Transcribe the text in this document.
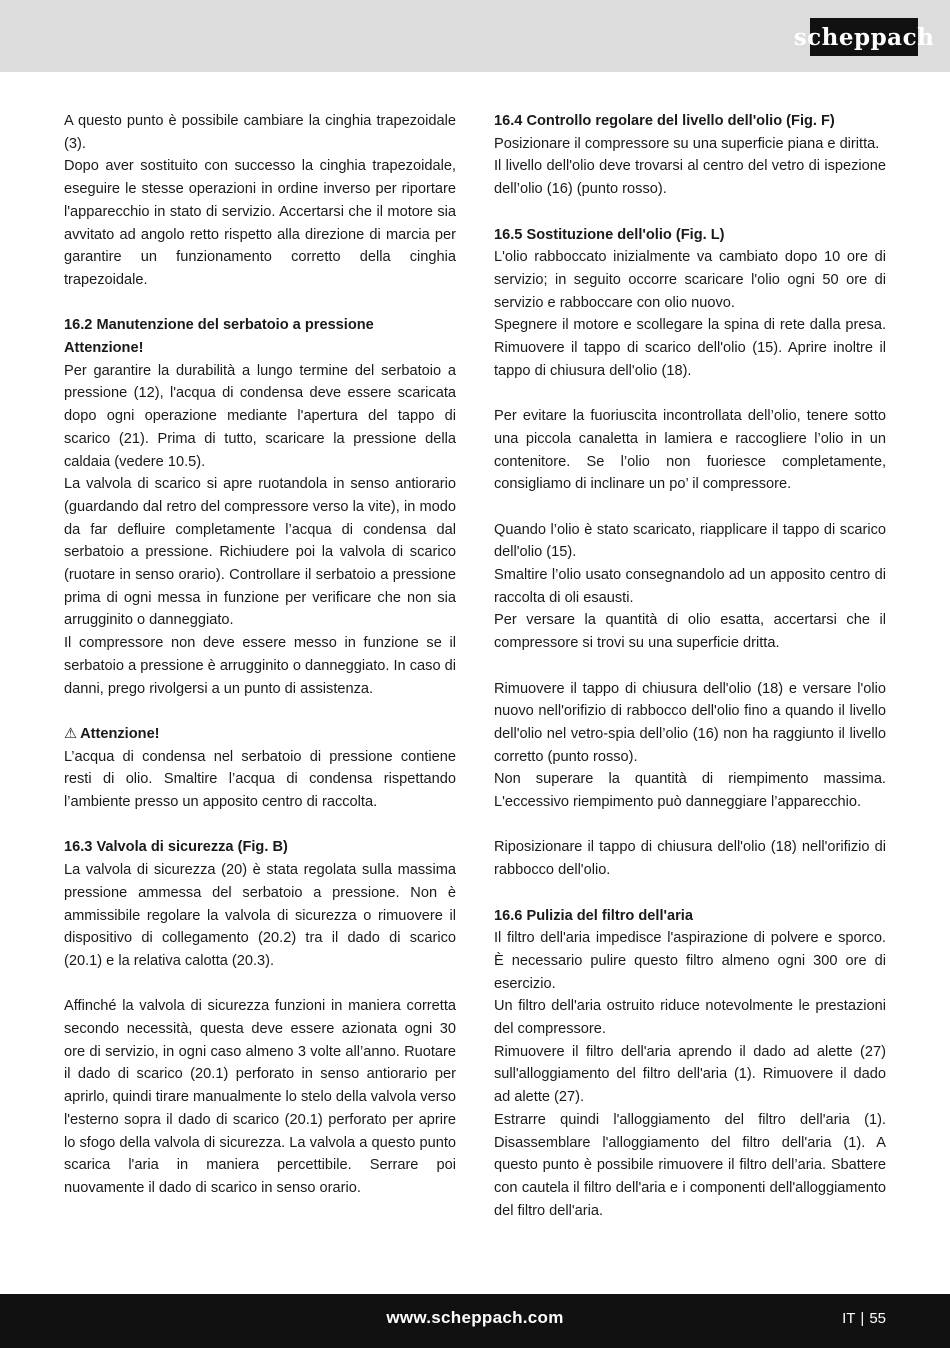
scheppach

A questo punto è possibile cambiare la cinghia trapezoidale (3).

Dopo aver sostituito con successo la cinghia trapezoidale, eseguire le stesse operazioni in ordine inverso per riportare l'apparecchio in stato di servizio. Accertarsi che il motore sia avvitato ad angolo retto rispetto alla direzione di marcia per garantire un funzionamento corretto della cinghia trapezoidale.

16.2 Manutenzione del serbatoio a pressione

Attenzione!

Per garantire la durabilità a lungo termine del serbatoio a pressione (12), l'acqua di condensa deve essere scaricata dopo ogni operazione mediante l'apertura del tappo di scarico (21). Prima di tutto, scaricare la pressione della caldaia (vedere 10.5).

La valvola di scarico si apre ruotandola in senso antiorario (guardando dal retro del compressore verso la vite), in modo da far defluire completamente l’acqua di condensa dal serbatoio a pressione. Richiudere poi la valvola di scarico (ruotare in senso orario). Controllare il serbatoio a pressione prima di ogni messa in funzione per verificare che non sia arrugginito o danneggiato.

Il compressore non deve essere messo in funzione se il serbatoio a pressione è arrugginito o danneggiato. In caso di danni, prego rivolgersi a un punto di assistenza.

⚠ Attenzione!

L’acqua di condensa nel serbatoio di pressione contiene resti di olio. Smaltire l’acqua di condensa rispettando l’ambiente presso un apposito centro di raccolta.

16.3 Valvola di sicurezza (Fig. B)

La valvola di sicurezza (20) è stata regolata sulla massima pressione ammessa del serbatoio a pressione. Non è ammissibile regolare la valvola di sicurezza o rimuovere il dispositivo di collegamento (20.2) tra il dado di scarico (20.1) e la relativa calotta (20.3).

Affinché la valvola di sicurezza funzioni in maniera corretta secondo necessità, questa deve essere azionata ogni 30 ore di servizio, in ogni caso almeno 3 volte all’anno. Ruotare il dado di scarico (20.1) perforato in senso antiorario per aprirlo, quindi tirare manualmente lo stelo della valvola verso l'esterno sopra il dado di scarico (20.1) perforato per aprire lo sfogo della valvola di sicurezza. La valvola a questo punto scarica l'aria in maniera percettibile. Serrare poi nuovamente il dado di scarico in senso orario.

16.4 Controllo regolare del livello dell'olio (Fig. F)

Posizionare il compressore su una superficie piana e diritta.

Il livello dell'olio deve trovarsi al centro del vetro di ispezione dell’olio (16) (punto rosso).

16.5 Sostituzione dell'olio (Fig. L)

L'olio rabboccato inizialmente va cambiato dopo 10 ore di servizio; in seguito occorre scaricare l'olio ogni 50 ore di servizio e rabboccare con olio nuovo.

Spegnere il motore e scollegare la spina di rete dalla presa. Rimuovere il tappo di scarico dell'olio (15). Aprire inoltre il tappo di chiusura dell'olio (18).

Per evitare la fuoriuscita incontrollata dell’olio, tenere sotto una piccola canaletta in lamiera e raccogliere l’olio in un contenitore. Se l’olio non fuoriesce completamente, consigliamo di inclinare un po’ il compressore.

Quando l’olio è stato scaricato, riapplicare il tappo di scarico dell'olio (15).

Smaltire l’olio usato consegnandolo ad un apposito centro di raccolta di oli esausti.

Per versare la quantità di olio esatta, accertarsi che il compressore si trovi su una superficie dritta.

Rimuovere il tappo di chiusura dell'olio (18) e versare l'olio nuovo nell'orifizio di rabbocco dell'olio fino a quando il livello dell'olio nel vetro-spia dell’olio (16) non ha raggiunto il livello corretto (punto rosso).

Non superare la quantità di riempimento massima. L'eccessivo riempimento può danneggiare l’apparecchio.

Riposizionare il tappo di chiusura dell'olio (18) nell'orifizio di rabbocco dell'olio.

16.6 Pulizia del filtro dell'aria

Il filtro dell'aria impedisce l'aspirazione di polvere e sporco. È necessario pulire questo filtro almeno ogni 300 ore di esercizio.

Un filtro dell'aria ostruito riduce notevolmente le prestazioni del compressore.

Rimuovere il filtro dell'aria aprendo il dado ad alette (27) sull'alloggiamento del filtro dell'aria (1). Rimuovere il dado ad alette (27).

Estrarre quindi l'alloggiamento del filtro dell'aria (1). Disassemblare l'alloggiamento del filtro dell'aria (1). A questo punto è possibile rimuovere il filtro dell’aria. Sbattere con cautela il filtro dell'aria e i componenti dell'alloggiamento del filtro dell'aria.

www.scheppach.com	IT | 55
